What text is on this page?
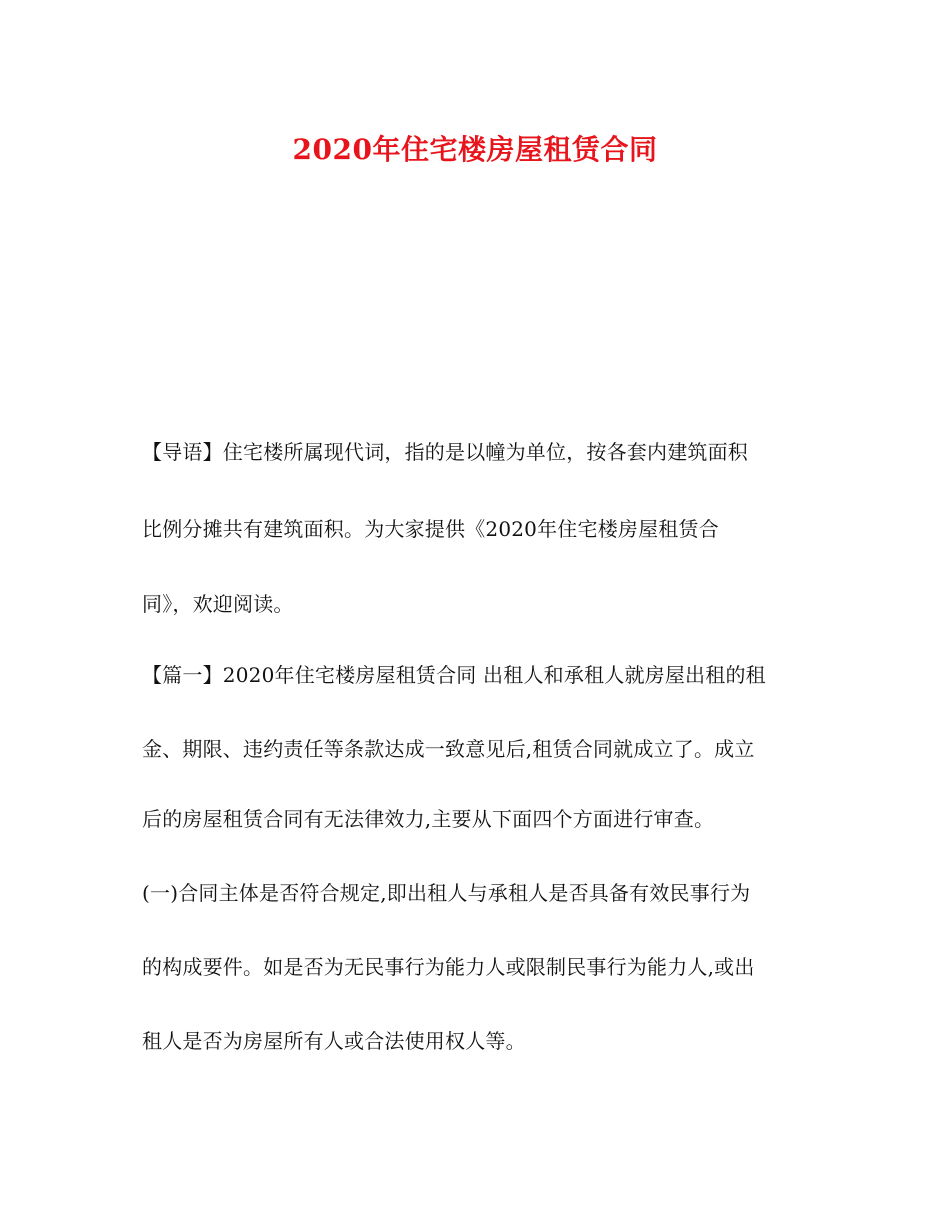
2020年住宅楼房屋租赁合同
【导语】住宅楼所属现代词，指的是以幢为单位，按各套内建筑面积
比例分摊共有建筑面积。为大家提供《2020年住宅楼房屋租赁合
同》，欢迎阅读。
【篇一】2020年住宅楼房屋租赁合同 出租人和承租人就房屋出租的租
金、期限、违约责任等条款达成一致意见后,租赁合同就成立了。成立
后的房屋租赁合同有无法律效力,主要从下面四个方面进行审查。
(一)合同主体是否符合规定,即出租人与承租人是否具备有效民事行为
的构成要件。如是否为无民事行为能力人或限制民事行为能力人,或出
租人是否为房屋所有人或合法使用权人等。
